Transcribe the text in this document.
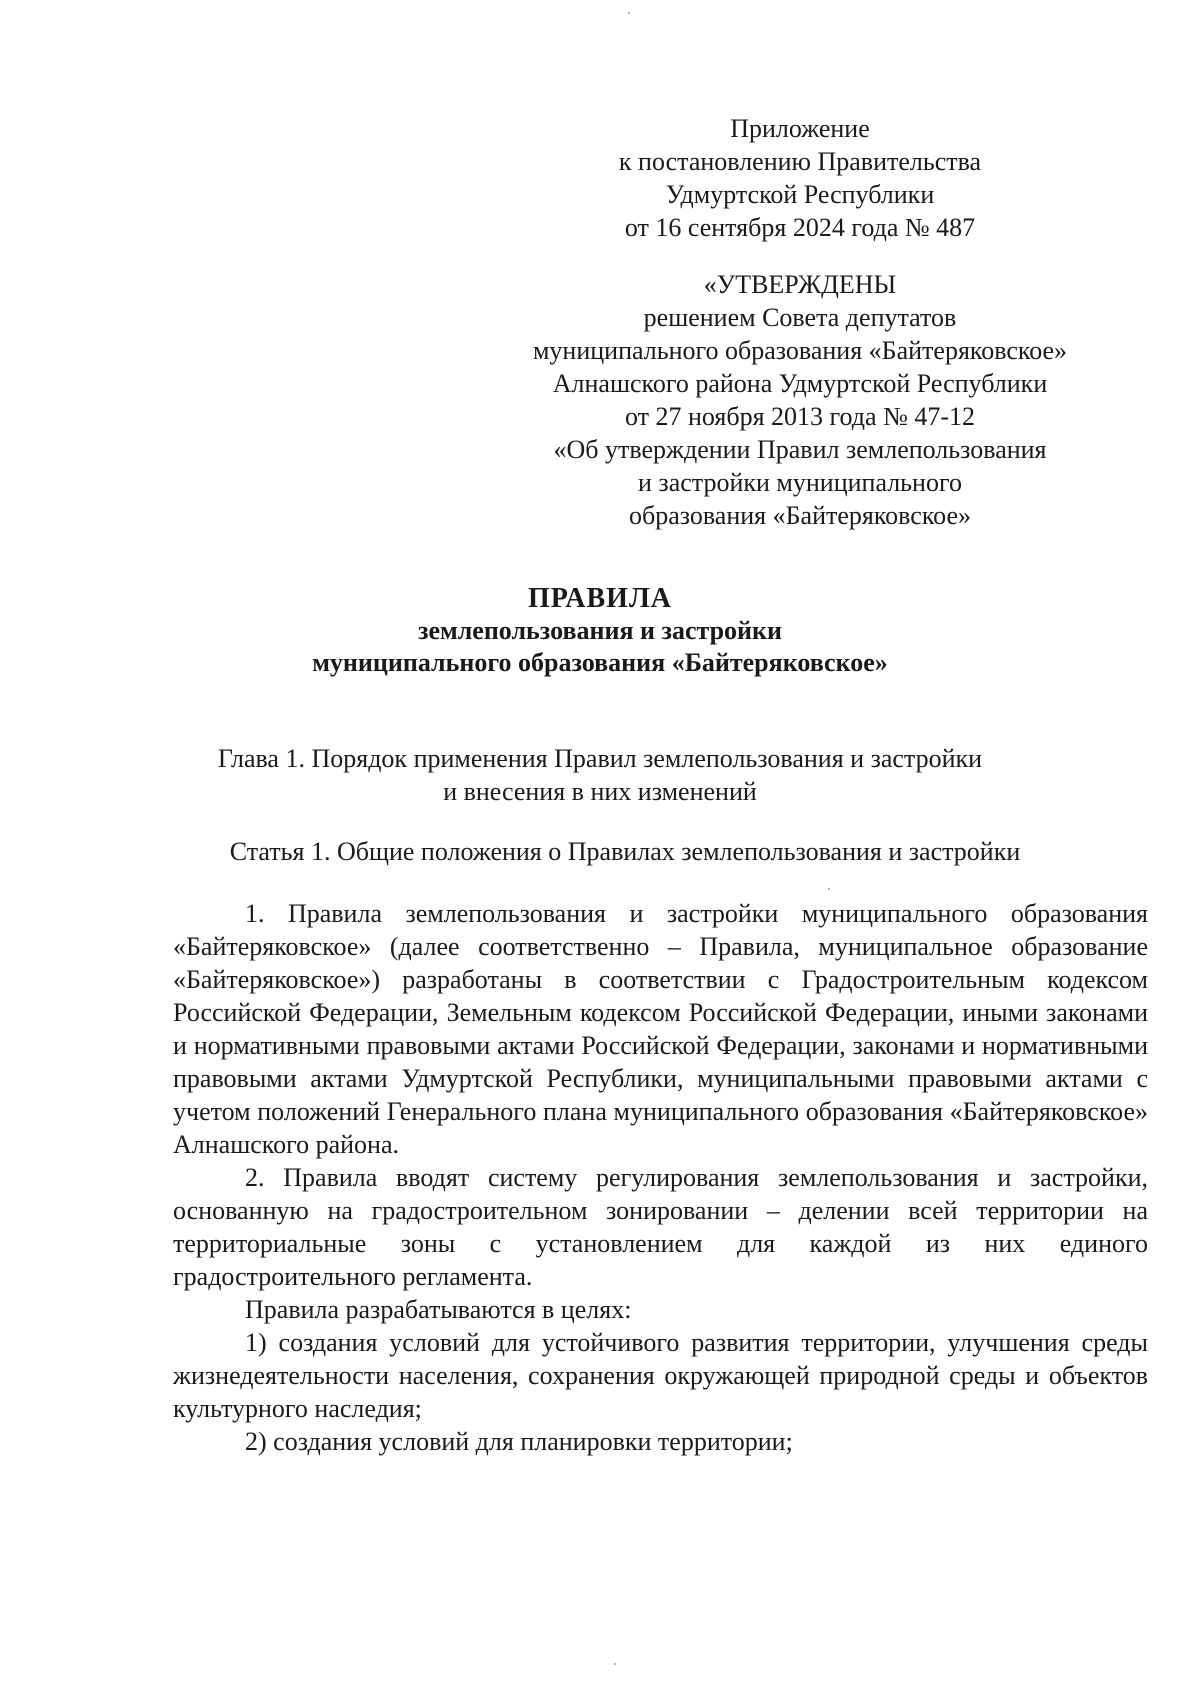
Приложение
к постановлению Правительства
Удмуртской Республики
от 16 сентября 2024 года № 487
«УТВЕРЖДЕНЫ
решением Совета депутатов
муниципального образования «Байтеряковское»
Алнашского района Удмуртской Республики
от 27 ноября 2013 года № 47-12
«Об утверждении Правил землепользования
и застройки муниципального
образования «Байтеряковское»
ПРАВИЛА
землепользования и застройки
муниципального образования «Байтеряковское»
Глава 1. Порядок применения Правил землепользования и застройки
и внесения в них изменений
Статья 1. Общие положения о Правилах землепользования и застройки

1. Правила землепользования и застройки муниципального образования «Байтеряковское» (далее соответственно – Правила, муниципальное образование «Байтеряковское») разработаны в соответствии с Градостроительным кодексом Российской Федерации, Земельным кодексом Российской Федерации, иными законами и нормативными правовыми актами Российской Федерации, законами и нормативными правовыми актами Удмуртской Республики, муниципальными правовыми актами с учетом положений Генерального плана муниципального образования «Байтеряковское» Алнашского района.

2. Правила вводят систему регулирования землепользования и застройки, основанную на градостроительном зонировании – делении всей территории на территориальные зоны с установлением для каждой из них единого градостроительного регламента.

Правила разрабатываются в целях:

1) создания условий для устойчивого развития территории, улучшения среды жизнедеятельности населения, сохранения окружающей природной среды и объектов культурного наследия;

2) создания условий для планировки территории;
